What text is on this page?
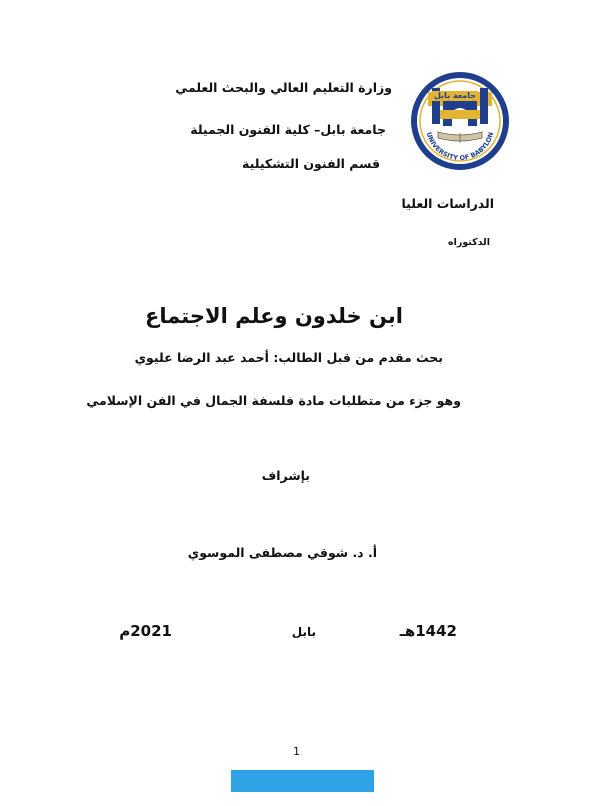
UNIVERSITY OF BABYLON
جامعة بابل
وزارة التعليم العالي والبحث العلمي
جامعة بابل– كلية الفنون الجميلة
قسم الفنون التشكيلية
الدراسات العليا
الدكتوراه
ابن خلدون وعلم الاجتماع
بحث مقدم من قبل الطالب: أحمد عبد الرضا عليوي
وهو جزء من متطلبات مادة فلسفة الجمال في الفن الإسلامي
بإشراف
أ. د. شوقي مصطفى الموسوي
1442هـ
بابل
2021م
1
